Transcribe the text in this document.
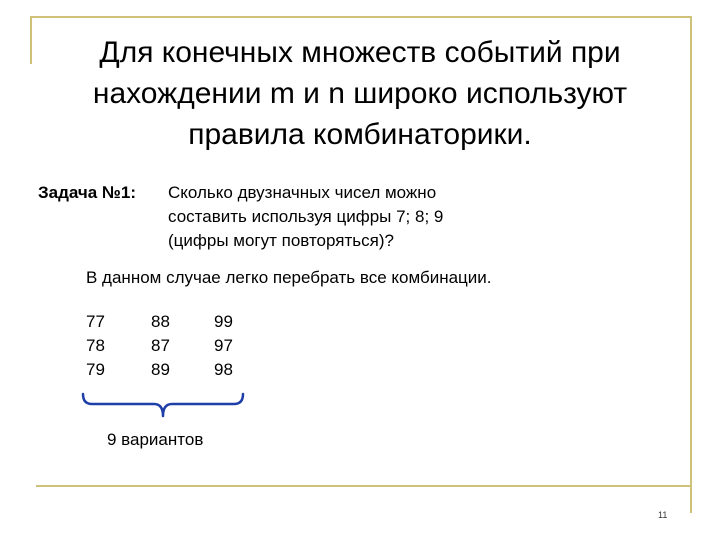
Для конечных множеств событий при
нахождении m и n широко используют
правила комбинаторики.
Задача №1: Сколько двузначных чисел можно
составить используя цифры 7; 8; 9
(цифры могут повторяться)?
В данном случае легко перебрать все комбинации.
77
78
79
88
87
89
99
97
98
9 вариантов
11
